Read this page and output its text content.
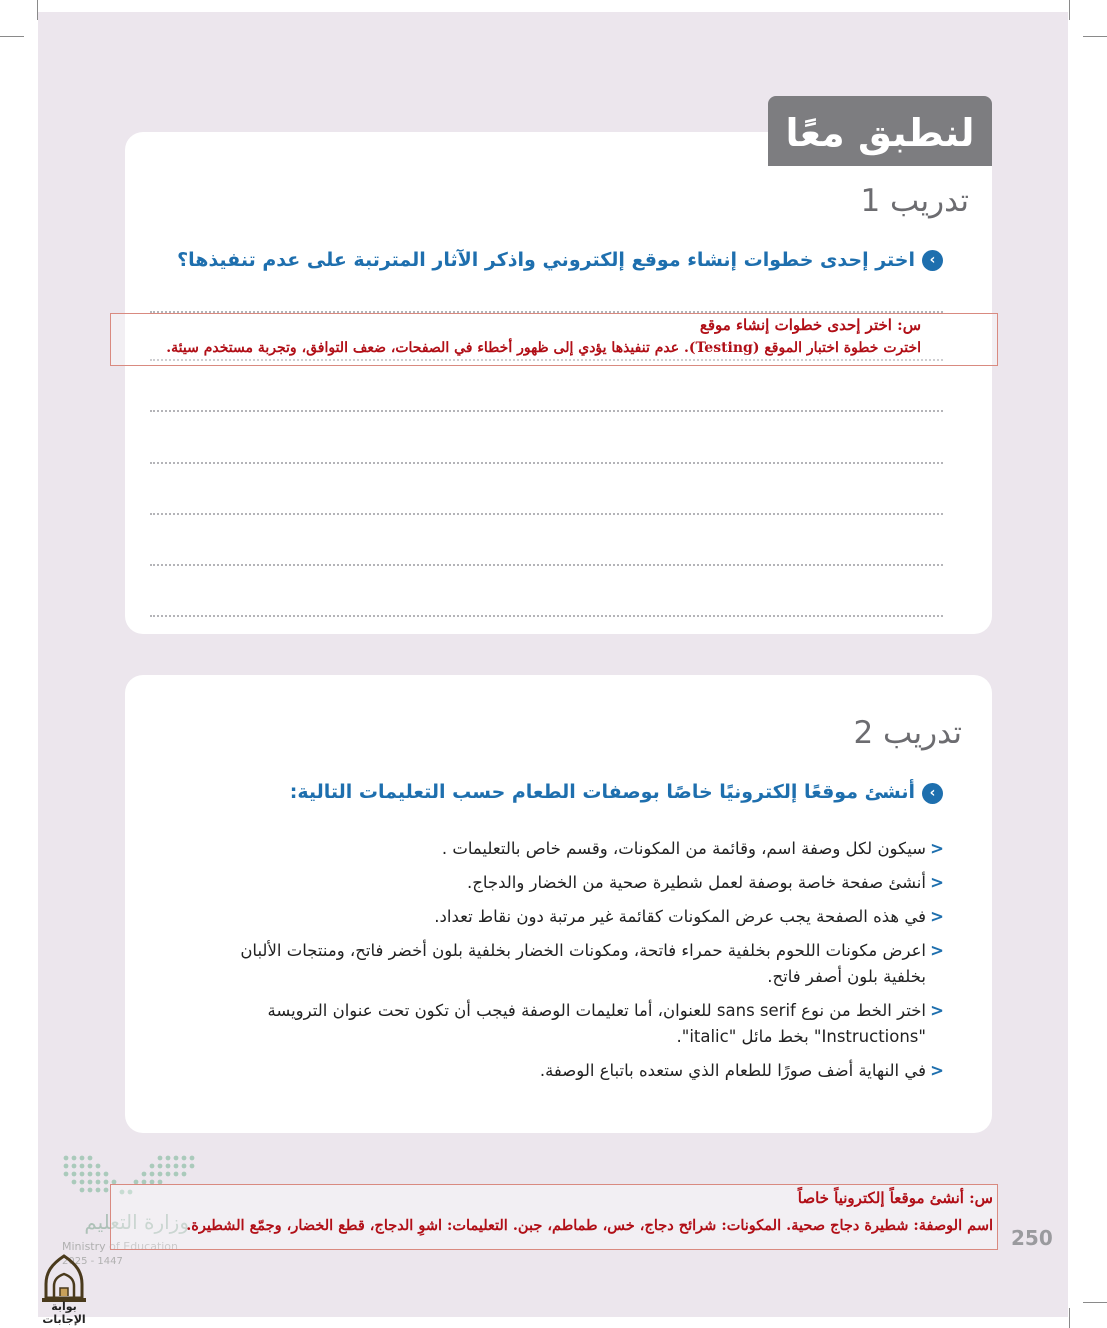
لنطبق معًا
تدريب 1
‹
اختر إحدى خطوات إنشاء موقع إلكتروني واذكر الآثار المترتبة على عدم تنفيذها؟
س: اختر إحدى خطوات إنشاء موقع
اخترت خطوة اختبار الموقع (Testing). عدم تنفيذها يؤدي إلى ظهور أخطاء في الصفحات، ضعف التوافق، وتجربة مستخدم سيئة.
تدريب 2
‹
أنشئ موقعًا إلكترونيًا خاصًا بوصفات الطعام حسب التعليمات التالية:
<
سيكون لكل وصفة اسم، وقائمة من المكونات، وقسم خاص بالتعليمات .
<
أنشئ صفحة خاصة بوصفة لعمل شطيرة صحية من الخضار والدجاج.
<
في هذه الصفحة يجب عرض المكونات كقائمة غير مرتبة دون نقاط تعداد.
<
اعرض مكونات اللحوم بخلفية حمراء فاتحة، ومكونات الخضار بخلفية بلون أخضر فاتح، ومنتجات الألبان بخلفية بلون أصفر فاتح.
<
اختر الخط من نوع sans serif للعنوان، أما تعليمات الوصفة فيجب أن تكون تحت عنوان الترويسة "Instructions" بخط مائل "italic".
<
في النهاية أضف صورًا للطعام الذي ستعده باتباع الوصفة.
وزارة التعليم
Ministry of Education
2025 - 1447
س: أنشئ موقعاً إلكترونياً خاصاً
اسم الوصفة: شطيرة دجاج صحية. المكونات: شرائح دجاج، خس، طماطم، جبن. التعليمات: اشوِ الدجاج، قطع الخضار، وجمّع الشطيرة.
250
بوابة الإجابات
